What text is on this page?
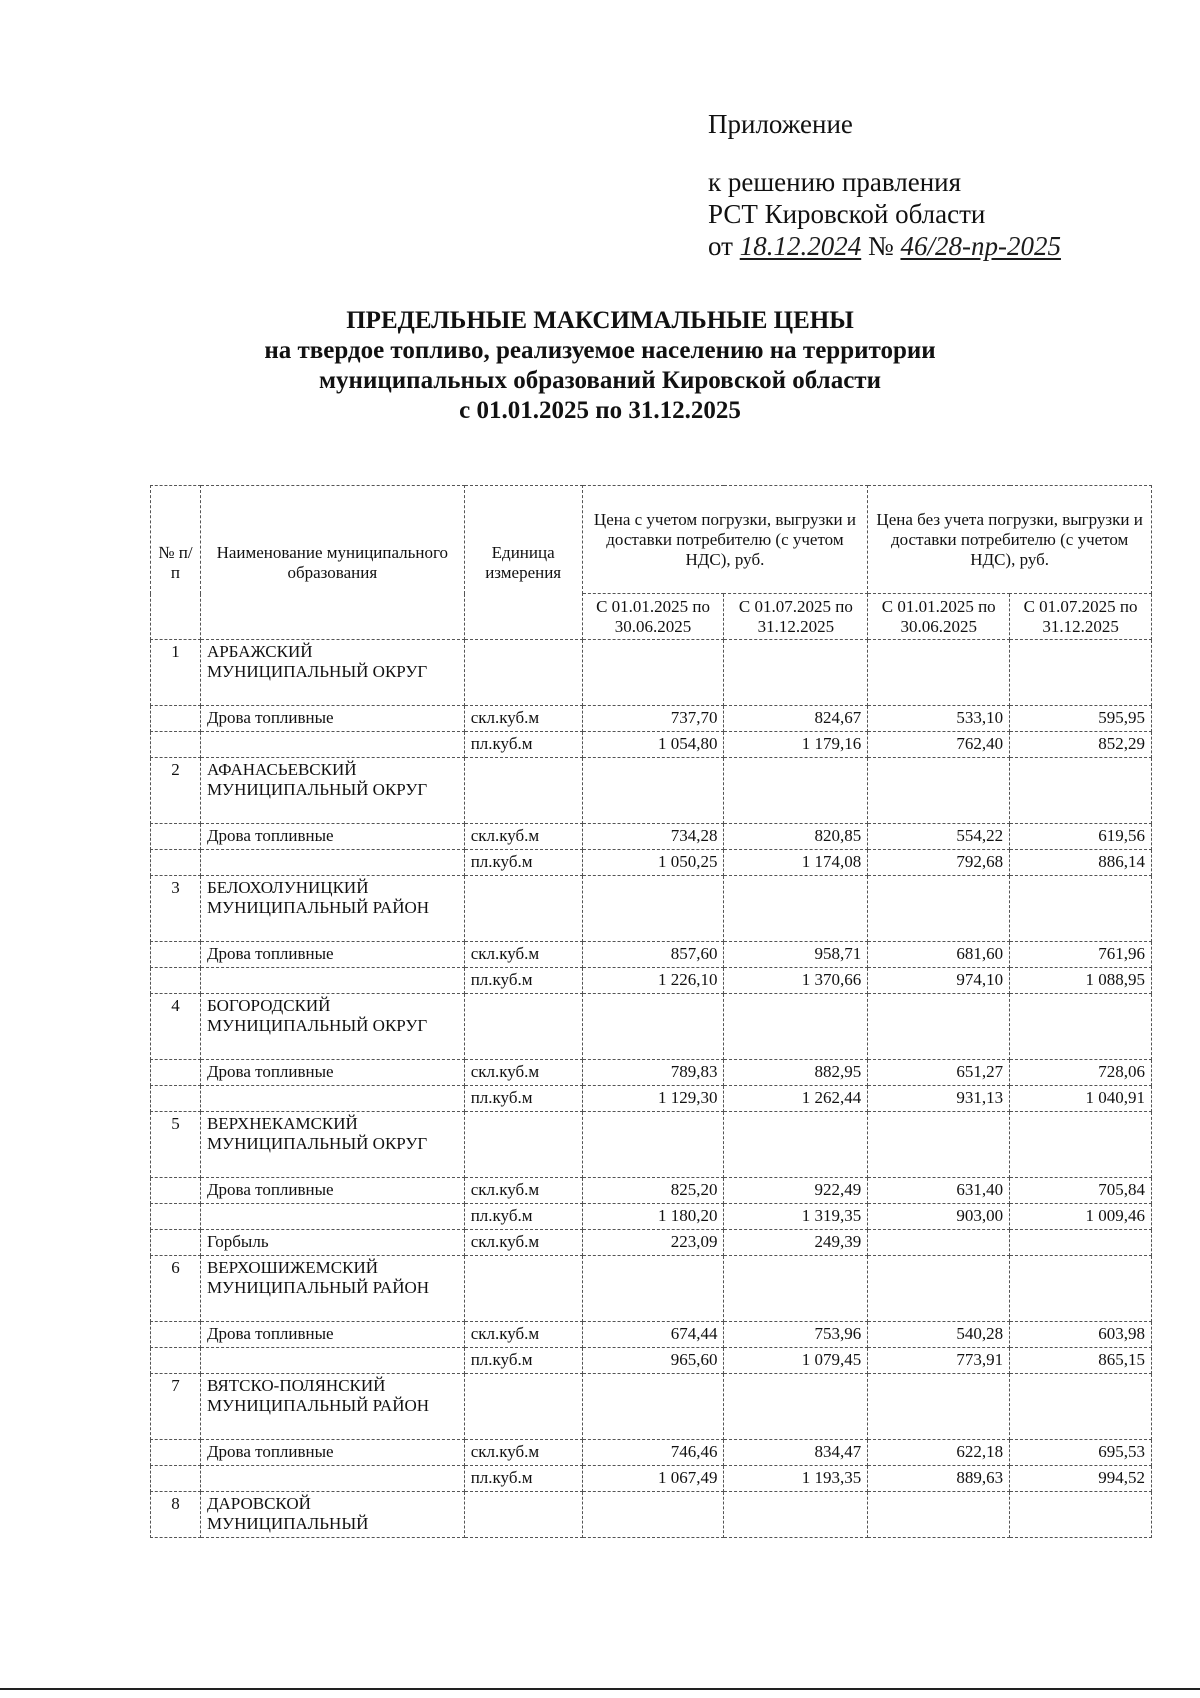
Приложение
к решению правления
РСТ Кировской области
от 18.12.2024 № 46/28-пр-2025
ПРЕДЕЛЬНЫЕ МАКСИМАЛЬНЫЕ ЦЕНЫ
на твердое топливо, реализуемое населению на территории
муниципальных образований Кировской области
с 01.01.2025 по 31.12.2025
№ п/п	Наименование муниципального образования	Единица измерения	Цена с учетом погрузки, выгрузки и доставки потребителю (с учетом НДС), руб.		Цена без учета погрузки, выгрузки и доставки потребителю (с учетом НДС), руб.	
			С 01.01.2025 по 30.06.2025	С 01.07.2025 по 31.12.2025	С 01.01.2025 по 30.06.2025	С 01.07.2025 по 31.12.2025
1	АРБАЖСКИЙ МУНИЦИПАЛЬНЫЙ ОКРУГ					
	Дрова топливные	скл.куб.м	737,70	824,67	533,10	595,95
		пл.куб.м	1 054,80	1 179,16	762,40	852,29
2	АФАНАСЬЕВСКИЙ МУНИЦИПАЛЬНЫЙ ОКРУГ					
	Дрова топливные	скл.куб.м	734,28	820,85	554,22	619,56
		пл.куб.м	1 050,25	1 174,08	792,68	886,14
3	БЕЛОХОЛУНИЦКИЙ МУНИЦИПАЛЬНЫЙ РАЙОН					
	Дрова топливные	скл.куб.м	857,60	958,71	681,60	761,96
		пл.куб.м	1 226,10	1 370,66	974,10	1 088,95
4	БОГОРОДСКИЙ МУНИЦИПАЛЬНЫЙ ОКРУГ					
	Дрова топливные	скл.куб.м	789,83	882,95	651,27	728,06
		пл.куб.м	1 129,30	1 262,44	931,13	1 040,91
5	ВЕРХНЕКАМСКИЙ МУНИЦИПАЛЬНЫЙ ОКРУГ					
	Дрова топливные	скл.куб.м	825,20	922,49	631,40	705,84
		пл.куб.м	1 180,20	1 319,35	903,00	1 009,46
	Горбыль	скл.куб.м	223,09	249,39		
6	ВЕРХОШИЖЕМСКИЙ МУНИЦИПАЛЬНЫЙ РАЙОН					
	Дрова топливные	скл.куб.м	674,44	753,96	540,28	603,98
		пл.куб.м	965,60	1 079,45	773,91	865,15
7	ВЯТСКО-ПОЛЯНСКИЙ МУНИЦИПАЛЬНЫЙ РАЙОН					
	Дрова топливные	скл.куб.м	746,46	834,47	622,18	695,53
		пл.куб.м	1 067,49	1 193,35	889,63	994,52
8	ДАРОВСКОЙ МУНИЦИПАЛЬНЫЙ					
